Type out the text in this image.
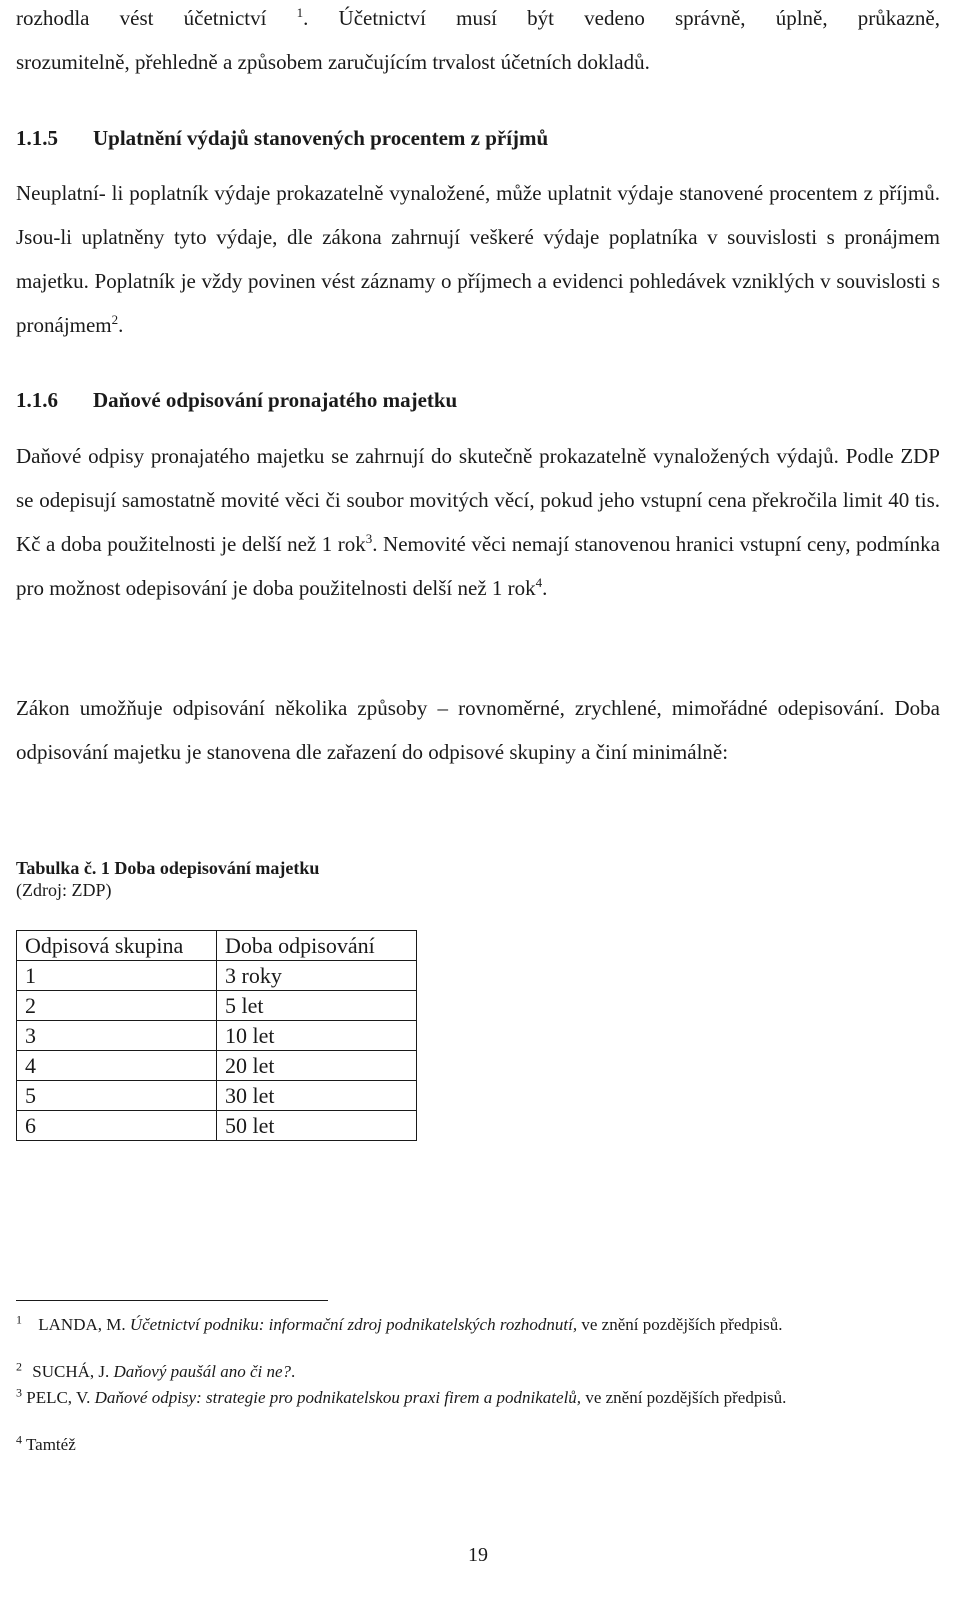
rozhodla vést účetnictví $^1$. Účetnictví musí být vedeno správně, úplně, průkazně,

srozumitelně, přehledně a způsobem zaručujícím trvalost účetních dokladů.

1.1.5 Uplatnění výdajů stanovených procentem z příjmů

Neuplatní- li poplatník výdaje prokazatelně vynaložené, může uplatnit výdaje stanovené procentem z příjmů. Jsou-li uplatněny tyto výdaje, dle zákona zahrnují veškeré výdaje poplatníka v souvislosti s pronájmem majetku. Poplatník je vždy povinen vést záznamy o příjmech a evidenci pohledávek vzniklých v souvislosti s pronájmem$^2$.

1.1.6 Daňové odpisování pronajatého majetku

Daňové odpisy pronajatého majetku se zahrnují do skutečně prokazatelně vynaložených výdajů. Podle ZDP se odepisují samostatně movité věci či soubor movitých věcí, pokud jeho vstupní cena překročila limit 40 tis. Kč a doba použitelnosti je delší než 1 rok$^3$. Nemovité věci nemají stanovenou hranici vstupní ceny, podmínka pro možnost odepisování je doba použitelnosti delší než 1 rok$^4$.

Zákon umožňuje odpisování několika způsoby – rovnoměrné, zrychlené, mimořádné odepisování. Doba odpisování majetku je stanovena dle zařazení do odpisové skupiny a činí minimálně:

Tabulka č. 1 Doba odepisování majetku

(Zdroj: ZDP)

Odpisová skupina	Doba odpisování
1	3 roky
2	5 let
3	10 let
4	20 let
5	30 let
6	50 let

$^1$ LANDA, M. Účetnictví podniku: informační zdroj podnikatelských rozhodnutí, ve znění pozdějších předpisů.

$^2$ SUCHÁ, J. Daňový paušál ano či ne?.

$^3$ PELC, V. Daňové odpisy: strategie pro podnikatelskou praxi firem a podnikatelů, ve znění pozdějších předpisů.

$^4$ Tamtéž

19
